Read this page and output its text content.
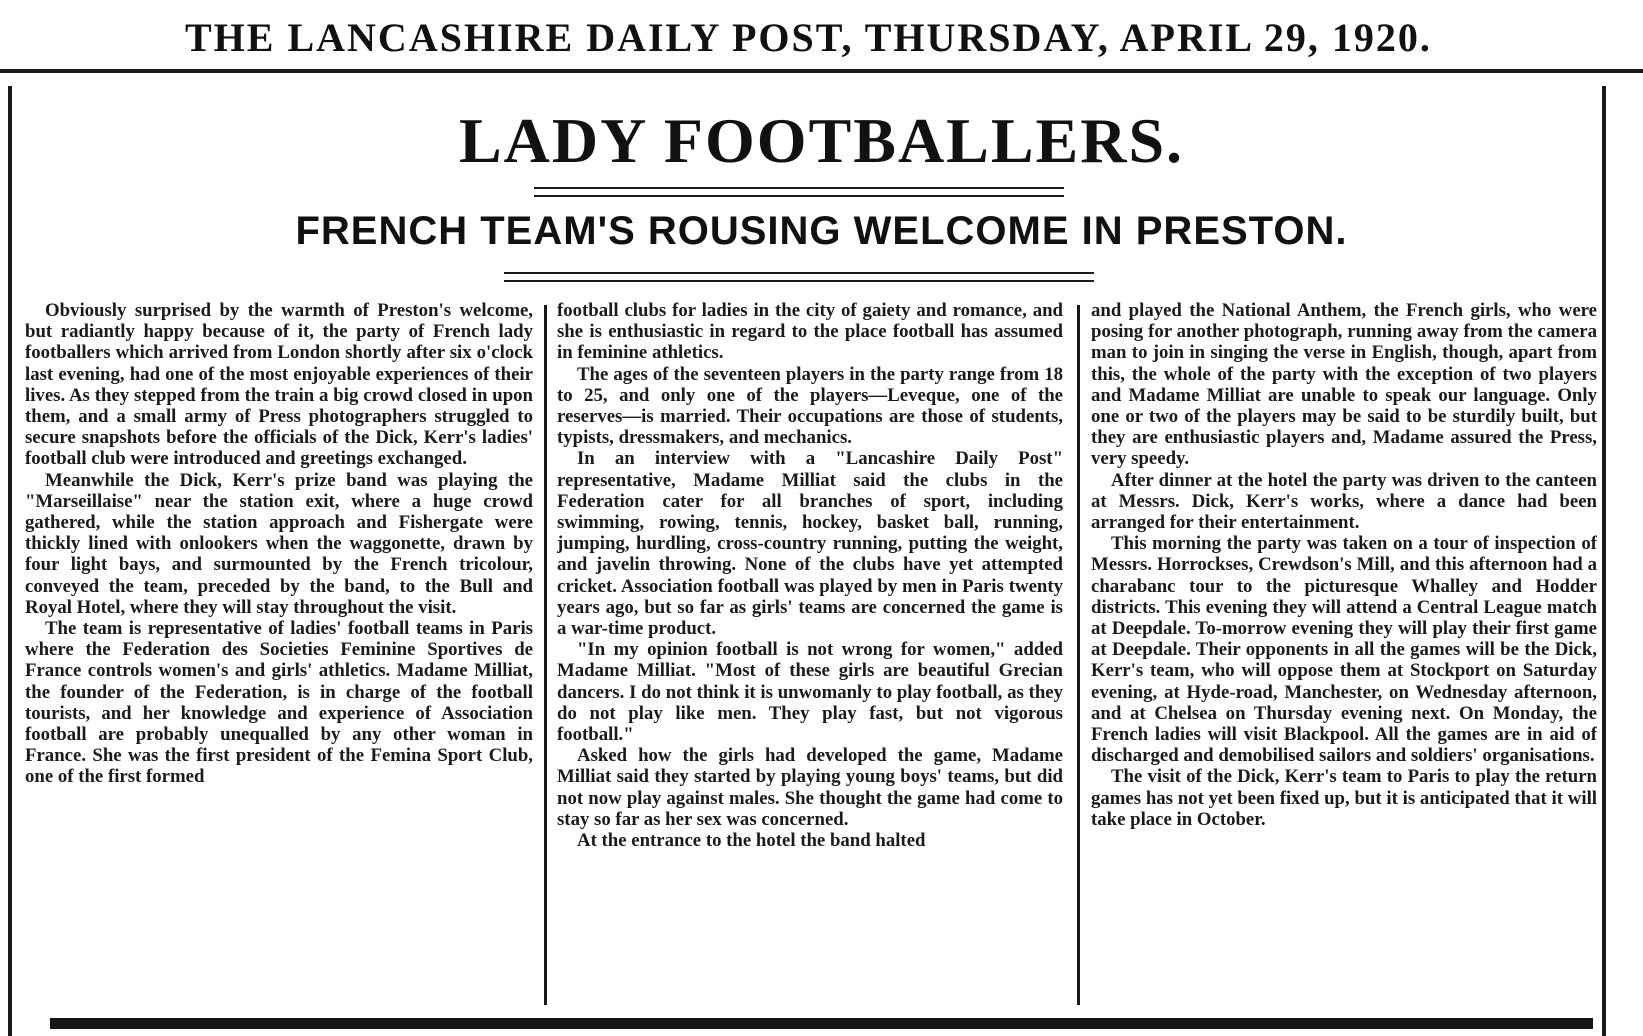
THE LANCASHIRE DAILY POST, THURSDAY, APRIL 29, 1920.
LADY FOOTBALLERS.
FRENCH TEAM'S ROUSING WELCOME IN PRESTON.

Obviously surprised by the warmth of Preston's welcome, but radiantly happy because of it, the party of French lady footballers which arrived from London shortly after six o'clock last evening, had one of the most enjoyable experiences of their lives. As they stepped from the train a big crowd closed in upon them, and a small army of Press photographers struggled to secure snapshots before the officials of the Dick, Kerr's ladies' football club were introduced and greetings exchanged.

Meanwhile the Dick, Kerr's prize band was playing the "Marseillaise" near the station exit, where a huge crowd gathered, while the station approach and Fishergate were thickly lined with onlookers when the waggonette, drawn by four light bays, and surmounted by the French tricolour, conveyed the team, preceded by the band, to the Bull and Royal Hotel, where they will stay throughout the visit.

The team is representative of ladies' football teams in Paris where the Federation des Societies Feminine Sportives de France controls women's and girls' athletics. Madame Milliat, the founder of the Federation, is in charge of the football tourists, and her knowledge and experience of Association football are probably unequalled by any other woman in France. She was the first president of the Femina Sport Club, one of the first formed

football clubs for ladies in the city of gaiety and romance, and she is enthusiastic in regard to the place football has assumed in feminine athletics.

The ages of the seventeen players in the party range from 18 to 25, and only one of the players—Leveque, one of the reserves—is married. Their occupations are those of students, typists, dressmakers, and mechanics.

In an interview with a "Lancashire Daily Post" representative, Madame Milliat said the clubs in the Federation cater for all branches of sport, including swimming, rowing, tennis, hockey, basket ball, running, jumping, hurdling, cross-country running, putting the weight, and javelin throwing. None of the clubs have yet attempted cricket. Association football was played by men in Paris twenty years ago, but so far as girls' teams are concerned the game is a war-time product.

"In my opinion football is not wrong for women," added Madame Milliat. "Most of these girls are beautiful Grecian dancers. I do not think it is unwomanly to play football, as they do not play like men. They play fast, but not vigorous football."

Asked how the girls had developed the game, Madame Milliat said they started by playing young boys' teams, but did not now play against males. She thought the game had come to stay so far as her sex was concerned.

At the entrance to the hotel the band halted

and played the National Anthem, the French girls, who were posing for another photograph, running away from the camera man to join in singing the verse in English, though, apart from this, the whole of the party with the exception of two players and Madame Milliat are unable to speak our language. Only one or two of the players may be said to be sturdily built, but they are enthusiastic players and, Madame assured the Press, very speedy.

After dinner at the hotel the party was driven to the canteen at Messrs. Dick, Kerr's works, where a dance had been arranged for their entertainment.

This morning the party was taken on a tour of inspection of Messrs. Horrockses, Crewdson's Mill, and this afternoon had a charabanc tour to the picturesque Whalley and Hodder districts. This evening they will attend a Central League match at Deepdale. To-morrow evening they will play their first game at Deepdale. Their opponents in all the games will be the Dick, Kerr's team, who will oppose them at Stockport on Saturday evening, at Hyde-road, Manchester, on Wednesday afternoon, and at Chelsea on Thursday evening next. On Monday, the French ladies will visit Blackpool. All the games are in aid of discharged and demobilised sailors and soldiers' organisations.

The visit of the Dick, Kerr's team to Paris to play the return games has not yet been fixed up, but it is anticipated that it will take place in October.
